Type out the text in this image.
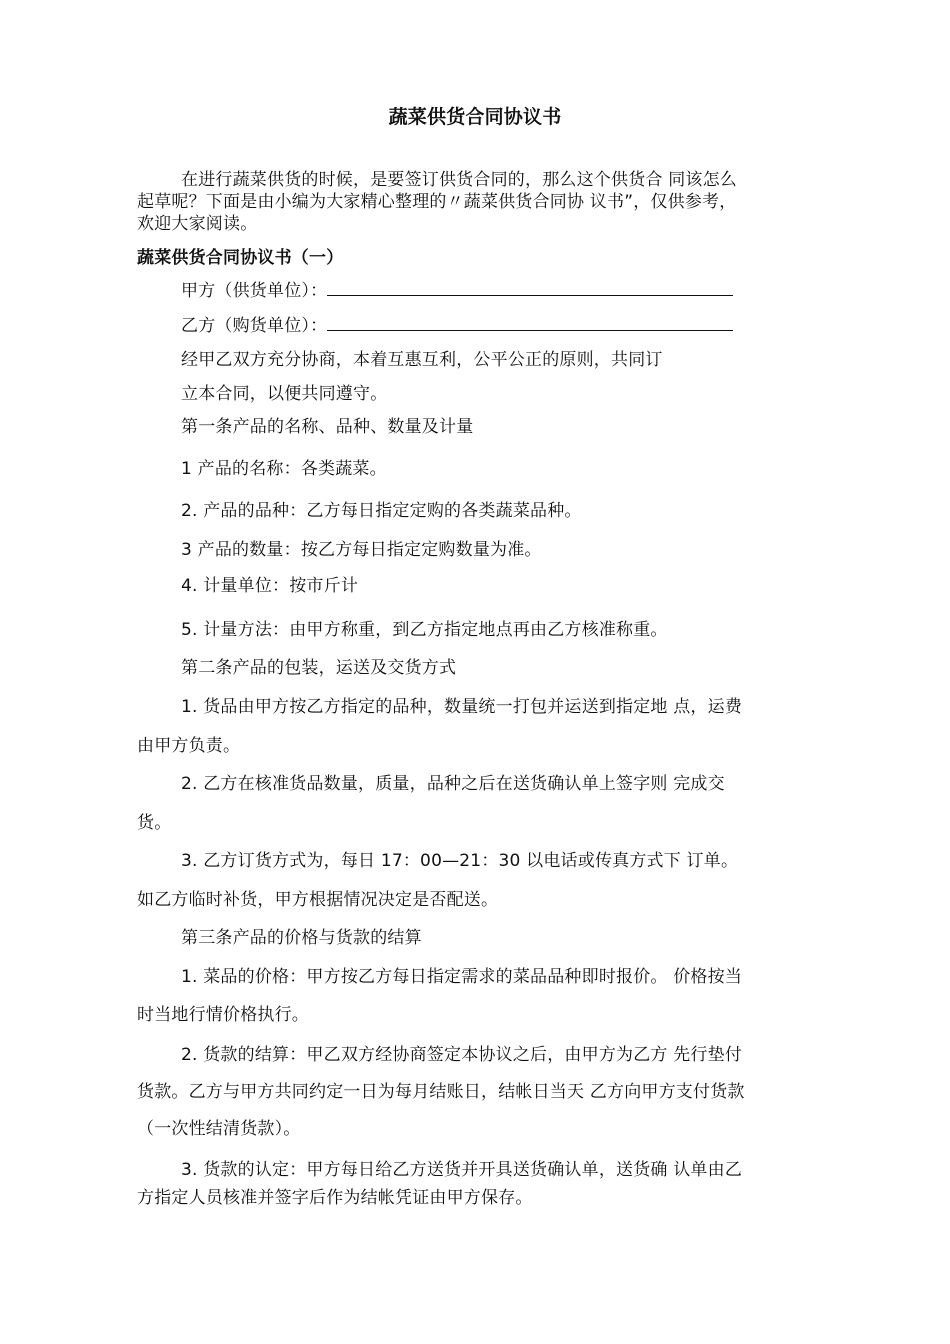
蔬菜供货合同协议书
在进行蔬菜供货的时候，是要签订供货合同的，那么这个供货合 同该怎么
起草呢？下面是由小编为大家精心整理的〃蔬菜供货合同协 议书”，仅供参考，
欢迎大家阅读。
蔬菜供货合同协议书（一）
甲方（供货单位）：
乙方（购货单位）：
经甲乙双方充分协商，本着互惠互利，公平公正的原则，共同订
立本合同，以便共同遵守。
第一条产品的名称、品种、数量及计量
1 产品的名称：各类蔬菜。
2. 产品的品种：乙方每日指定定购的各类蔬菜品种。
3 产品的数量：按乙方每日指定定购数量为准。
4. 计量单位：按市斤计
5. 计量方法：由甲方称重，到乙方指定地点再由乙方核准称重。
第二条产品的包装，运送及交货方式
1. 货品由甲方按乙方指定的品种，数量统一打包并运送到指定地 点，运费
由甲方负责。
2. 乙方在核准货品数量，质量，品种之后在送货确认单上签字则 完成交
货。
3. 乙方订货方式为，每日 17：00—21：30 以电话或传真方式下 订单。
如乙方临时补货，甲方根据情况决定是否配送。
第三条产品的价格与货款的结算
1. 菜品的价格：甲方按乙方每日指定需求的菜品品种即时报价。 价格按当
时当地行情价格执行。
2. 货款的结算：甲乙双方经协商签定本协议之后，由甲方为乙方 先行垫付
货款。乙方与甲方共同约定一日为每月结账日，结帐日当天 乙方向甲方支付货款
（一次性结清货款）。
3. 货款的认定：甲方每日给乙方送货并开具送货确认单，送货确 认单由乙
方指定人员核准并签字后作为结帐凭证由甲方保存。
